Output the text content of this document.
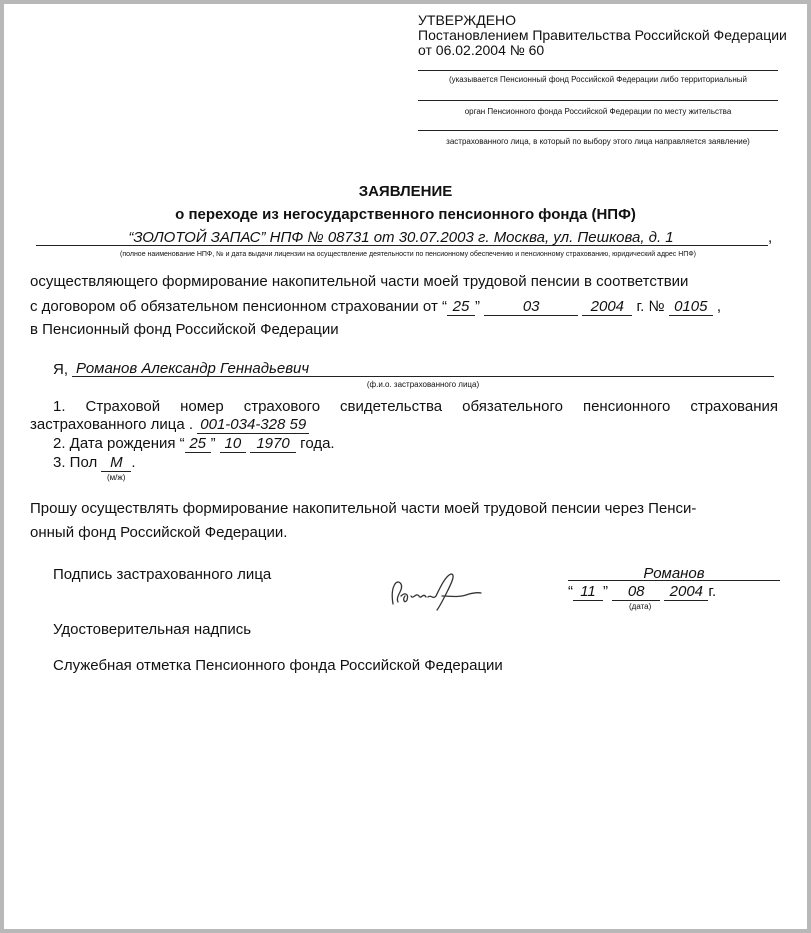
УТВЕРЖДЕНО
Постановлением Правительства Российской Федерации
от 06.02.2004 № 60
(указывается Пенсионный фонд Российской Федерации либо территориальный
орган Пенсионного фонда Российской Федерации по месту жительства
застрахованного лица, в который по выбору этого лица направляется заявление)
ЗАЯВЛЕНИЕ
о переходе из негосударственного пенсионного фонда (НПФ)
“ЗОЛОТОЙ ЗАПАС” НПФ № 08731 от 30.07.2003 г. Москва, ул. Пешкова, д. 1	,
(полное наименование НПФ, № и дата выдачи лицензии на осуществление деятельности по пенсионному обеспечению и пенсионному страхованию, юридический адрес НПФ)
осуществляющего формирование накопительной части моей трудовой пенсии в соответствии
с договором об обязательном пенсионном страховании от “ 25 ”	03	2004 г. № 0105 ,
в Пенсионный фонд Российской Федерации
Я, Романов Александр Геннадьевич
(ф.и.о. застрахованного лица)
1. Страховой номер страхового свидетельства обязательного пенсионного страхования
застрахованного лица . 001-034-328 59
2. Дата рождения “ 25 ” 10 1970 года.
3. Пол М .
(м/ж)
Прошу осуществлять формирование накопительной части моей трудовой пенсии через Пенси-
онный фонд Российской Федерации.
Подпись застрахованного лица	Романов
“ 11 ” 08 2004 г.
(дата)
Удостоверительная надпись
Служебная отметка Пенсионного фонда Российской Федерации
